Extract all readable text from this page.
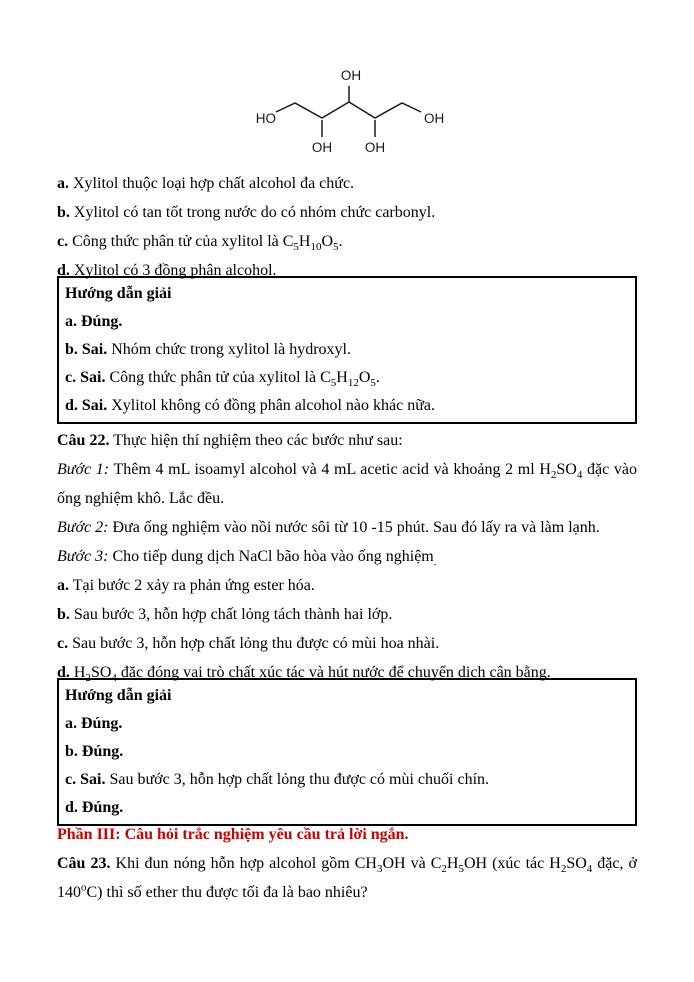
HO
OH
OH OH
OH

a. Xylitol thuộc loại hợp chất alcohol đa chức.

b. Xylitol có tan tốt trong nước do có nhóm chức carbonyl.

c. Công thức phân tử của xylitol là $C_5H_{10}O_5$.

d. Xylitol có 3 đồng phân alcohol.

Hướng dẫn giải

a. Đúng.

b. Sai. Nhóm chức trong xylitol là hydroxyl.

c. Sai. Công thức phân tử của xylitol là $C_5H_{12}O_5$.

d. Sai. Xylitol không có đồng phân alcohol nào khác nữa.

Câu 22. Thực hiện thí nghiệm theo các bước như sau:

Bước 1: Thêm 4 mL isoamyl alcohol và 4 mL acetic acid và khoảng 2 ml $H_2SO_4$ đặc vào ống nghiệm khô. Lắc đều.

Bước 2: Đưa ống nghiệm vào nồi nước sôi từ 10 -15 phút. Sau đó lấy ra và làm lạnh.

Bước 3: Cho tiếp dung dịch NaCl bão hòa vào ống nghiệm$_.$

a. Tại bước 2 xảy ra phản ứng ester hóa.

b. Sau bước 3, hỗn hợp chất lỏng tách thành hai lớp.

c. Sau bước 3, hỗn hợp chất lỏng thu được có mùi hoa nhài.

d. $H_2SO_4$ đặc đóng vai trò chất xúc tác và hút nước để chuyển dịch cân bằng.

Hướng dẫn giải

a. Đúng.

b. Đúng.

c. Sai. Sau bước 3, hỗn hợp chất lỏng thu được có mùi chuối chín.

d. Đúng.

Phần III: Câu hỏi trắc nghiệm yêu cầu trả lời ngắn.

Câu 23. Khi đun nóng hỗn hợp alcohol gồm $CH_3OH$ và $C_2H_5OH$ (xúc tác $H_2SO_4$ đặc, ở 140$^o$C) thì số ether thu được tối đa là bao nhiêu?
